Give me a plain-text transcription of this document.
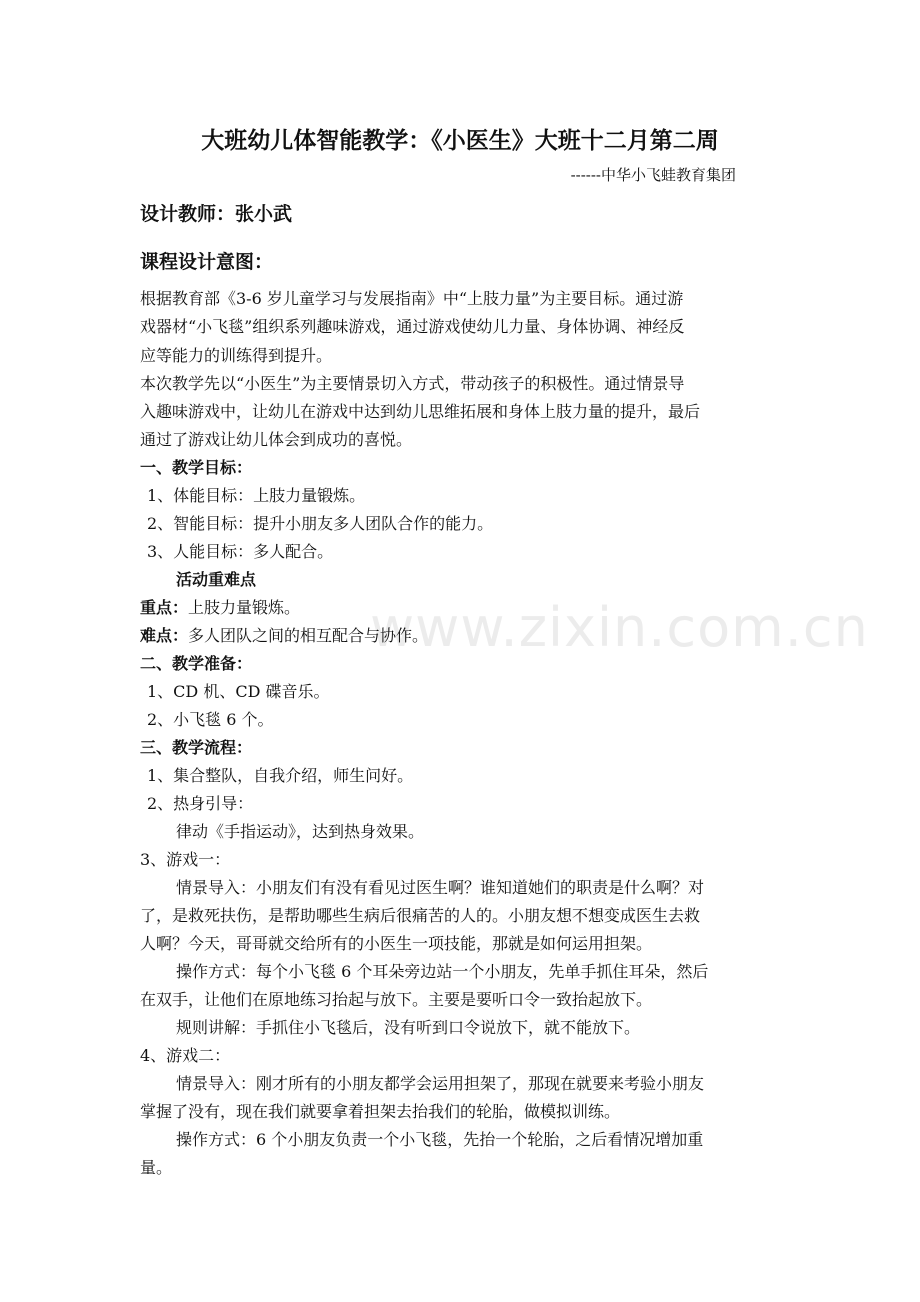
www.zixin.com.cn
大班幼儿体智能教学：《小医生》大班十二月第二周
------中华小飞蛙教育集团
设计教师：张小武
课程设计意图：
根据教育部《3-6 岁儿童学习与发展指南》中“上肢力量”为主要目标。通过游
戏器材“小飞毯”组织系列趣味游戏，通过游戏使幼儿力量、身体协调、神经反
应等能力的训练得到提升。
本次教学先以“小医生”为主要情景切入方式，带动孩子的积极性。通过情景导
入趣味游戏中，让幼儿在游戏中达到幼儿思维拓展和身体上肢力量的提升，最后
通过了游戏让幼儿体会到成功的喜悦。
一、教学目标：
1、体能目标：上肢力量锻炼。
2、智能目标：提升小朋友多人团队合作的能力。
3、人能目标：多人配合。
活动重难点
重点：上肢力量锻炼。
难点：多人团队之间的相互配合与协作。
二、教学准备：
1、CD 机、CD 碟音乐。
2、小飞毯 6 个。
三、教学流程：
1、集合整队，自我介绍，师生问好。
2、热身引导：
律动《手指运动》，达到热身效果。
3、游戏一：
情景导入：小朋友们有没有看见过医生啊？谁知道她们的职责是什么啊？对
了，是救死扶伤，是帮助哪些生病后很痛苦的人的。小朋友想不想变成医生去救
人啊？今天，哥哥就交给所有的小医生一项技能，那就是如何运用担架。
操作方式：每个小飞毯 6 个耳朵旁边站一个小朋友，先单手抓住耳朵，然后
在双手，让他们在原地练习抬起与放下。主要是要听口令一致抬起放下。
规则讲解：手抓住小飞毯后，没有听到口令说放下，就不能放下。
4、游戏二：
情景导入：刚才所有的小朋友都学会运用担架了，那现在就要来考验小朋友
掌握了没有，现在我们就要拿着担架去抬我们的轮胎，做模拟训练。
操作方式：6 个小朋友负责一个小飞毯，先抬一个轮胎，之后看情况增加重
量。
